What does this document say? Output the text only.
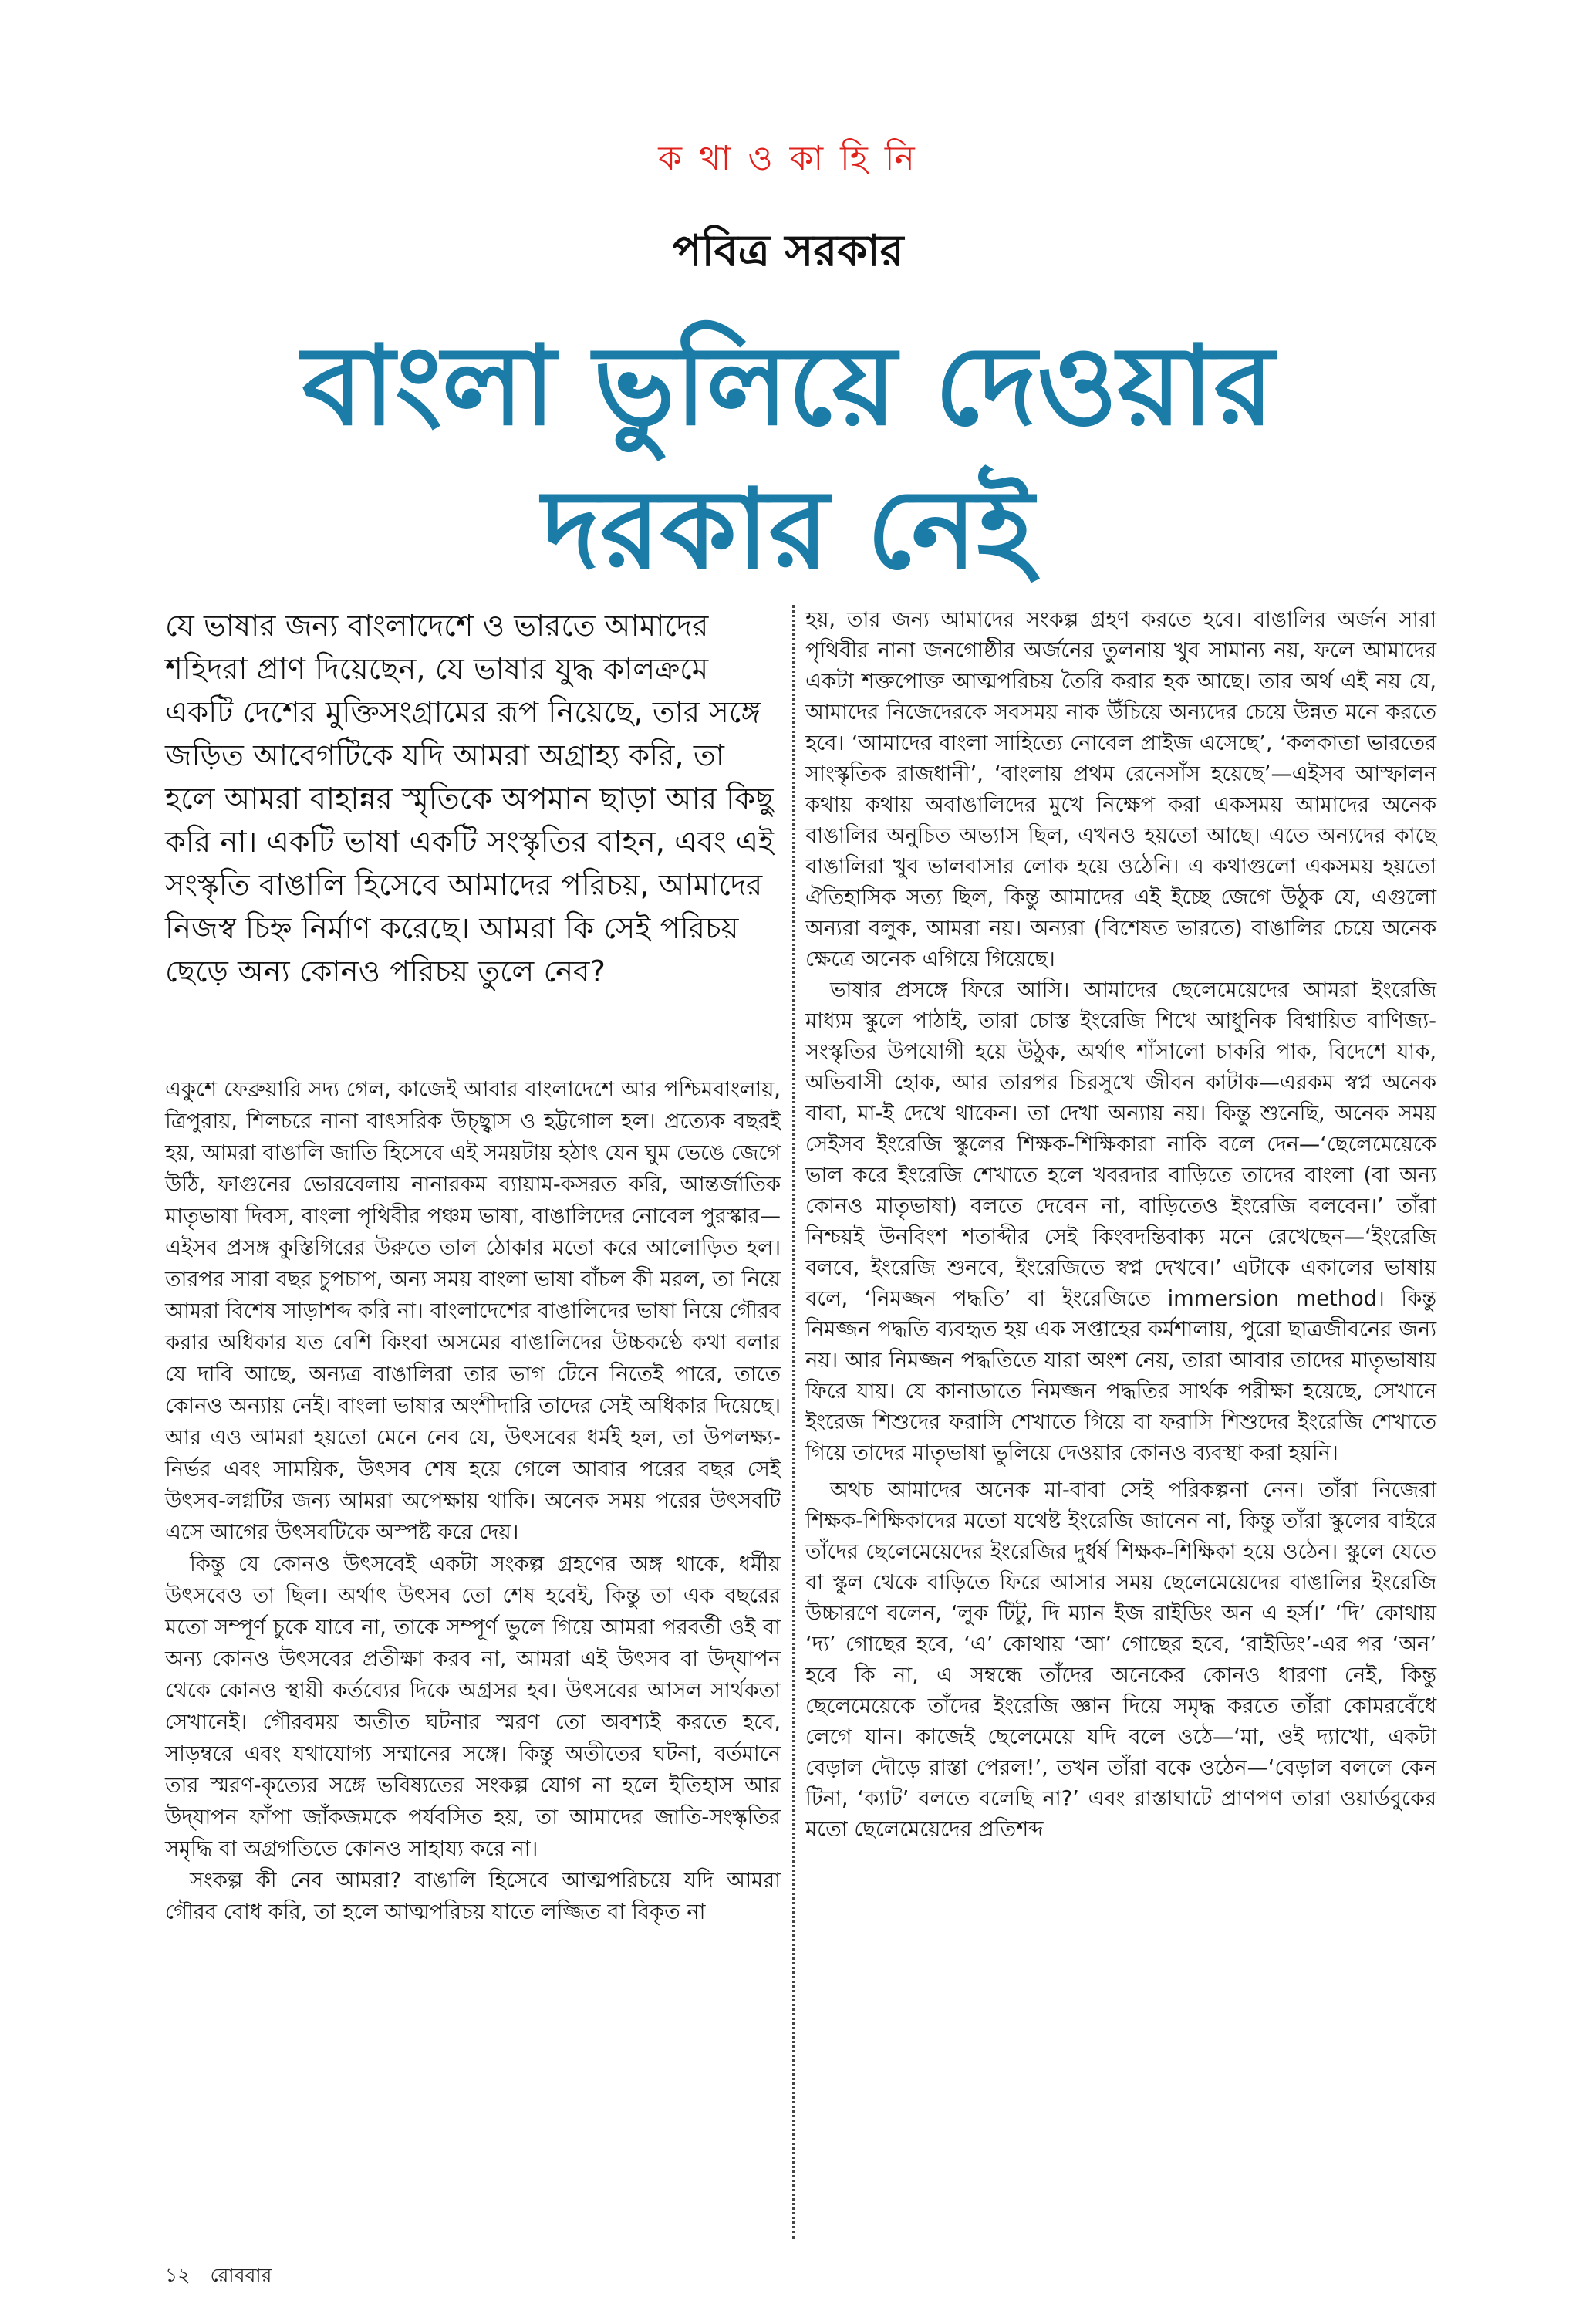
ক থা ও কা হি নি
পবিত্র সরকার
বাংলা ভুলিয়ে দেওয়ার
দরকার নেই
যে ভাষার জন্য বাংলাদেশে ও ভারতে আমাদের শহিদরা প্রাণ দিয়েছেন, যে ভাষার যুদ্ধ কালক্রমে একটি দেশের মুক্তিসংগ্রামের রূপ নিয়েছে, তার সঙ্গে জড়িত আবেগটিকে যদি আমরা অগ্রাহ্য করি, তা হলে আমরা বাহান্নর স্মৃতিকে অপমান ছাড়া আর কিছু করি না। একটি ভাষা একটি সংস্কৃতির বাহন, এবং এই সংস্কৃতি বাঙালি হিসেবে আমাদের পরিচয়, আমাদের নিজস্ব চিহ্ন নির্মাণ করেছে। আমরা কি সেই পরিচয় ছেড়ে অন্য কোনও পরিচয় তুলে নেব?

একুশে ফেব্রুয়ারি সদ্য গেল, কাজেই আবার বাংলাদেশে আর পশ্চিমবাংলায়, ত্রিপুরায়, শিলচরে নানা বাৎসরিক উচ্ছ্বাস ও হট্টগোল হল। প্রত্যেক বছরই হয়, আমরা বাঙালি জাতি হিসেবে এই সময়টায় হঠাৎ যেন ঘুম ভেঙে জেগে উঠি, ফাগুনের ভোরবেলায় নানারকম ব্যায়াম-কসরত করি, আন্তর্জাতিক মাতৃভাষা দিবস, বাংলা পৃথিবীর পঞ্চম ভাষা, বাঙালিদের নোবেল পুরস্কার—এইসব প্রসঙ্গ কুস্তিগিরের উরুতে তাল ঠোকার মতো করে আলোড়িত হল। তারপর সারা বছর চুপচাপ, অন্য সময় বাংলা ভাষা বাঁচল কী মরল, তা নিয়ে আমরা বিশেষ সাড়াশব্দ করি না। বাংলাদেশের বাঙালিদের ভাষা নিয়ে গৌরব করার অধিকার যত বেশি কিংবা অসমের বাঙালিদের উচ্চকণ্ঠে কথা বলার যে দাবি আছে, অন্যত্র বাঙালিরা তার ভাগ টেনে নিতেই পারে, তাতে কোনও অন্যায় নেই। বাংলা ভাষার অংশীদারি তাদের সেই অধিকার দিয়েছে। আর এও আমরা হয়তো মেনে নেব যে, উৎসবের ধর্মই হল, তা উপলক্ষ্য-নির্ভর এবং সাময়িক, উৎসব শেষ হয়ে গেলে আবার পরের বছর সেই উৎসব-লগ্নটির জন্য আমরা অপেক্ষায় থাকি। অনেক সময় পরের উৎসবটি এসে আগের উৎসবটিকে অস্পষ্ট করে দেয়।

কিন্তু যে কোনও উৎসবেই একটা সংকল্প গ্রহণের অঙ্গ থাকে, ধর্মীয় উৎসবেও তা ছিল। অর্থাৎ উৎসব তো শেষ হবেই, কিন্তু তা এক বছরের মতো সম্পূর্ণ চুকে যাবে না, তাকে সম্পূর্ণ ভুলে গিয়ে আমরা পরবর্তী ওই বা অন্য কোনও উৎসবের প্রতীক্ষা করব না, আমরা এই উৎসব বা উদ্‌যাপন থেকে কোনও স্থায়ী কর্তব্যের দিকে অগ্রসর হব। উৎসবের আসল সার্থকতা সেখানেই। গৌরবময় অতীত ঘটনার স্মরণ তো অবশ্যই করতে হবে, সাড়ম্বরে এবং যথাযোগ্য সম্মানের সঙ্গে। কিন্তু অতীতের ঘটনা, বর্তমানে তার স্মরণ-কৃত্যের সঙ্গে ভবিষ্যতের সংকল্প যোগ না হলে ইতিহাস আর উদ্‌যাপন ফাঁপা জাঁকজমকে পর্যবসিত হয়, তা আমাদের জাতি-সংস্কৃতির সমৃদ্ধি বা অগ্রগতিতে কোনও সাহায্য করে না।

সংকল্প কী নেব আমরা? বাঙালি হিসেবে আত্মপরিচয়ে যদি আমরা গৌরব বোধ করি, তা হলে আত্মপরিচয় যাতে লজ্জিত বা বিকৃত না

হয়, তার জন্য আমাদের সংকল্প গ্রহণ করতে হবে। বাঙালির অর্জন সারা পৃথিবীর নানা জনগোষ্ঠীর অর্জনের তুলনায় খুব সামান্য নয়, ফলে আমাদের একটা শক্তপোক্ত আত্মপরিচয় তৈরি করার হক আছে। তার অর্থ এই নয় যে, আমাদের নিজেদেরকে সবসময় নাক উঁচিয়ে অন্যদের চেয়ে উন্নত মনে করতে হবে। ‘আমাদের বাংলা সাহিত্যে নোবেল প্রাইজ এসেছে’, ‘কলকাতা ভারতের সাংস্কৃতিক রাজধানী’, ‘বাংলায় প্রথম রেনেসাঁস হয়েছে’—এইসব আস্ফালন কথায় কথায় অবাঙালিদের মুখে নিক্ষেপ করা একসময় আমাদের অনেক বাঙালির অনুচিত অভ্যাস ছিল, এখনও হয়তো আছে। এতে অন্যদের কাছে বাঙালিরা খুব ভালবাসার লোক হয়ে ওঠেনি। এ কথাগুলো একসময় হয়তো ঐতিহাসিক সত্য ছিল, কিন্তু আমাদের এই ইচ্ছে জেগে উঠুক যে, এগুলো অন্যরা বলুক, আমরা নয়। অন্যরা (বিশেষত ভারতে) বাঙালির চেয়ে অনেক ক্ষেত্রে অনেক এগিয়ে গিয়েছে।

ভাষার প্রসঙ্গে ফিরে আসি। আমাদের ছেলেমেয়েদের আমরা ইংরেজি মাধ্যম স্কুলে পাঠাই, তারা চোস্ত ইংরেজি শিখে আধুনিক বিশ্বায়িত বাণিজ্য-সংস্কৃতির উপযোগী হয়ে উঠুক, অর্থাৎ শাঁসালো চাকরি পাক, বিদেশে যাক, অভিবাসী হোক, আর তারপর চিরসুখে জীবন কাটাক—এরকম স্বপ্ন অনেক বাবা, মা-ই দেখে থাকেন। তা দেখা অন্যায় নয়। কিন্তু শুনেছি, অনেক সময় সেইসব ইংরেজি স্কুলের শিক্ষক-শিক্ষিকারা নাকি বলে দেন—‘ছেলেমেয়েকে ভাল করে ইংরেজি শেখাতে হলে খবরদার বাড়িতে তাদের বাংলা (বা অন্য কোনও মাতৃভাষা) বলতে দেবেন না, বাড়িতেও ইংরেজি বলবেন।’ তাঁরা নিশ্চয়ই উনবিংশ শতাব্দীর সেই কিংবদন্তিবাক্য মনে রেখেছেন—‘ইংরেজি বলবে, ইংরেজি শুনবে, ইংরেজিতে স্বপ্ন দেখবে।’ এটাকে একালের ভাষায় বলে, ‘নিমজ্জন পদ্ধতি’ বা ইংরেজিতে immersion method। কিন্তু নিমজ্জন পদ্ধতি ব্যবহৃত হয় এক সপ্তাহের কর্মশালায়, পুরো ছাত্রজীবনের জন্য নয়। আর নিমজ্জন পদ্ধতিতে যারা অংশ নেয়, তারা আবার তাদের মাতৃভাষায় ফিরে যায়। যে কানাডাতে নিমজ্জন পদ্ধতির সার্থক পরীক্ষা হয়েছে, সেখানে ইংরেজ শিশুদের ফরাসি শেখাতে গিয়ে বা ফরাসি শিশুদের ইংরেজি শেখাতে গিয়ে তাদের মাতৃভাষা ভুলিয়ে দেওয়ার কোনও ব্যবস্থা করা হয়নি।

অথচ আমাদের অনেক মা-বাবা সেই পরিকল্পনা নেন। তাঁরা নিজেরা শিক্ষক-শিক্ষিকাদের মতো যথেষ্ট ইংরেজি জানেন না, কিন্তু তাঁরা স্কুলের বাইরে তাঁদের ছেলেমেয়েদের ইংরেজির দুর্ধর্ষ শিক্ষক-শিক্ষিকা হয়ে ওঠেন। স্কুলে যেতে বা স্কুল থেকে বাড়িতে ফিরে আসার সময় ছেলেমেয়েদের বাঙালির ইংরেজি উচ্চারণে বলেন, ‘লুক টিটু, দি ম্যান ইজ রাইডিং অন এ হর্স।’ ‘দি’ কোথায় ‘দ্য’ গোছের হবে, ‘এ’ কোথায় ‘আ’ গোছের হবে, ‘রাইডিং’-এর পর ‘অন’ হবে কি না, এ সম্বন্ধে তাঁদের অনেকের কোনও ধারণা নেই, কিন্তু ছেলেমেয়েকে তাঁদের ইংরেজি জ্ঞান দিয়ে সমৃদ্ধ করতে তাঁরা কোমরবেঁধে লেগে যান। কাজেই ছেলেমেয়ে যদি বলে ওঠে—‘মা, ওই দ্যাখো, একটা বেড়াল দৌড়ে রাস্তা পেরল!’, তখন তাঁরা বকে ওঠেন—‘বেড়াল বললে কেন টিনা, ‘ক্যাট’ বলতে বলেছি না?’ এবং রাস্তাঘাটে প্রাণপণ তারা ওয়ার্ডবুকের মতো ছেলেমেয়েদের প্রতিশব্দ

১২ রোববার
